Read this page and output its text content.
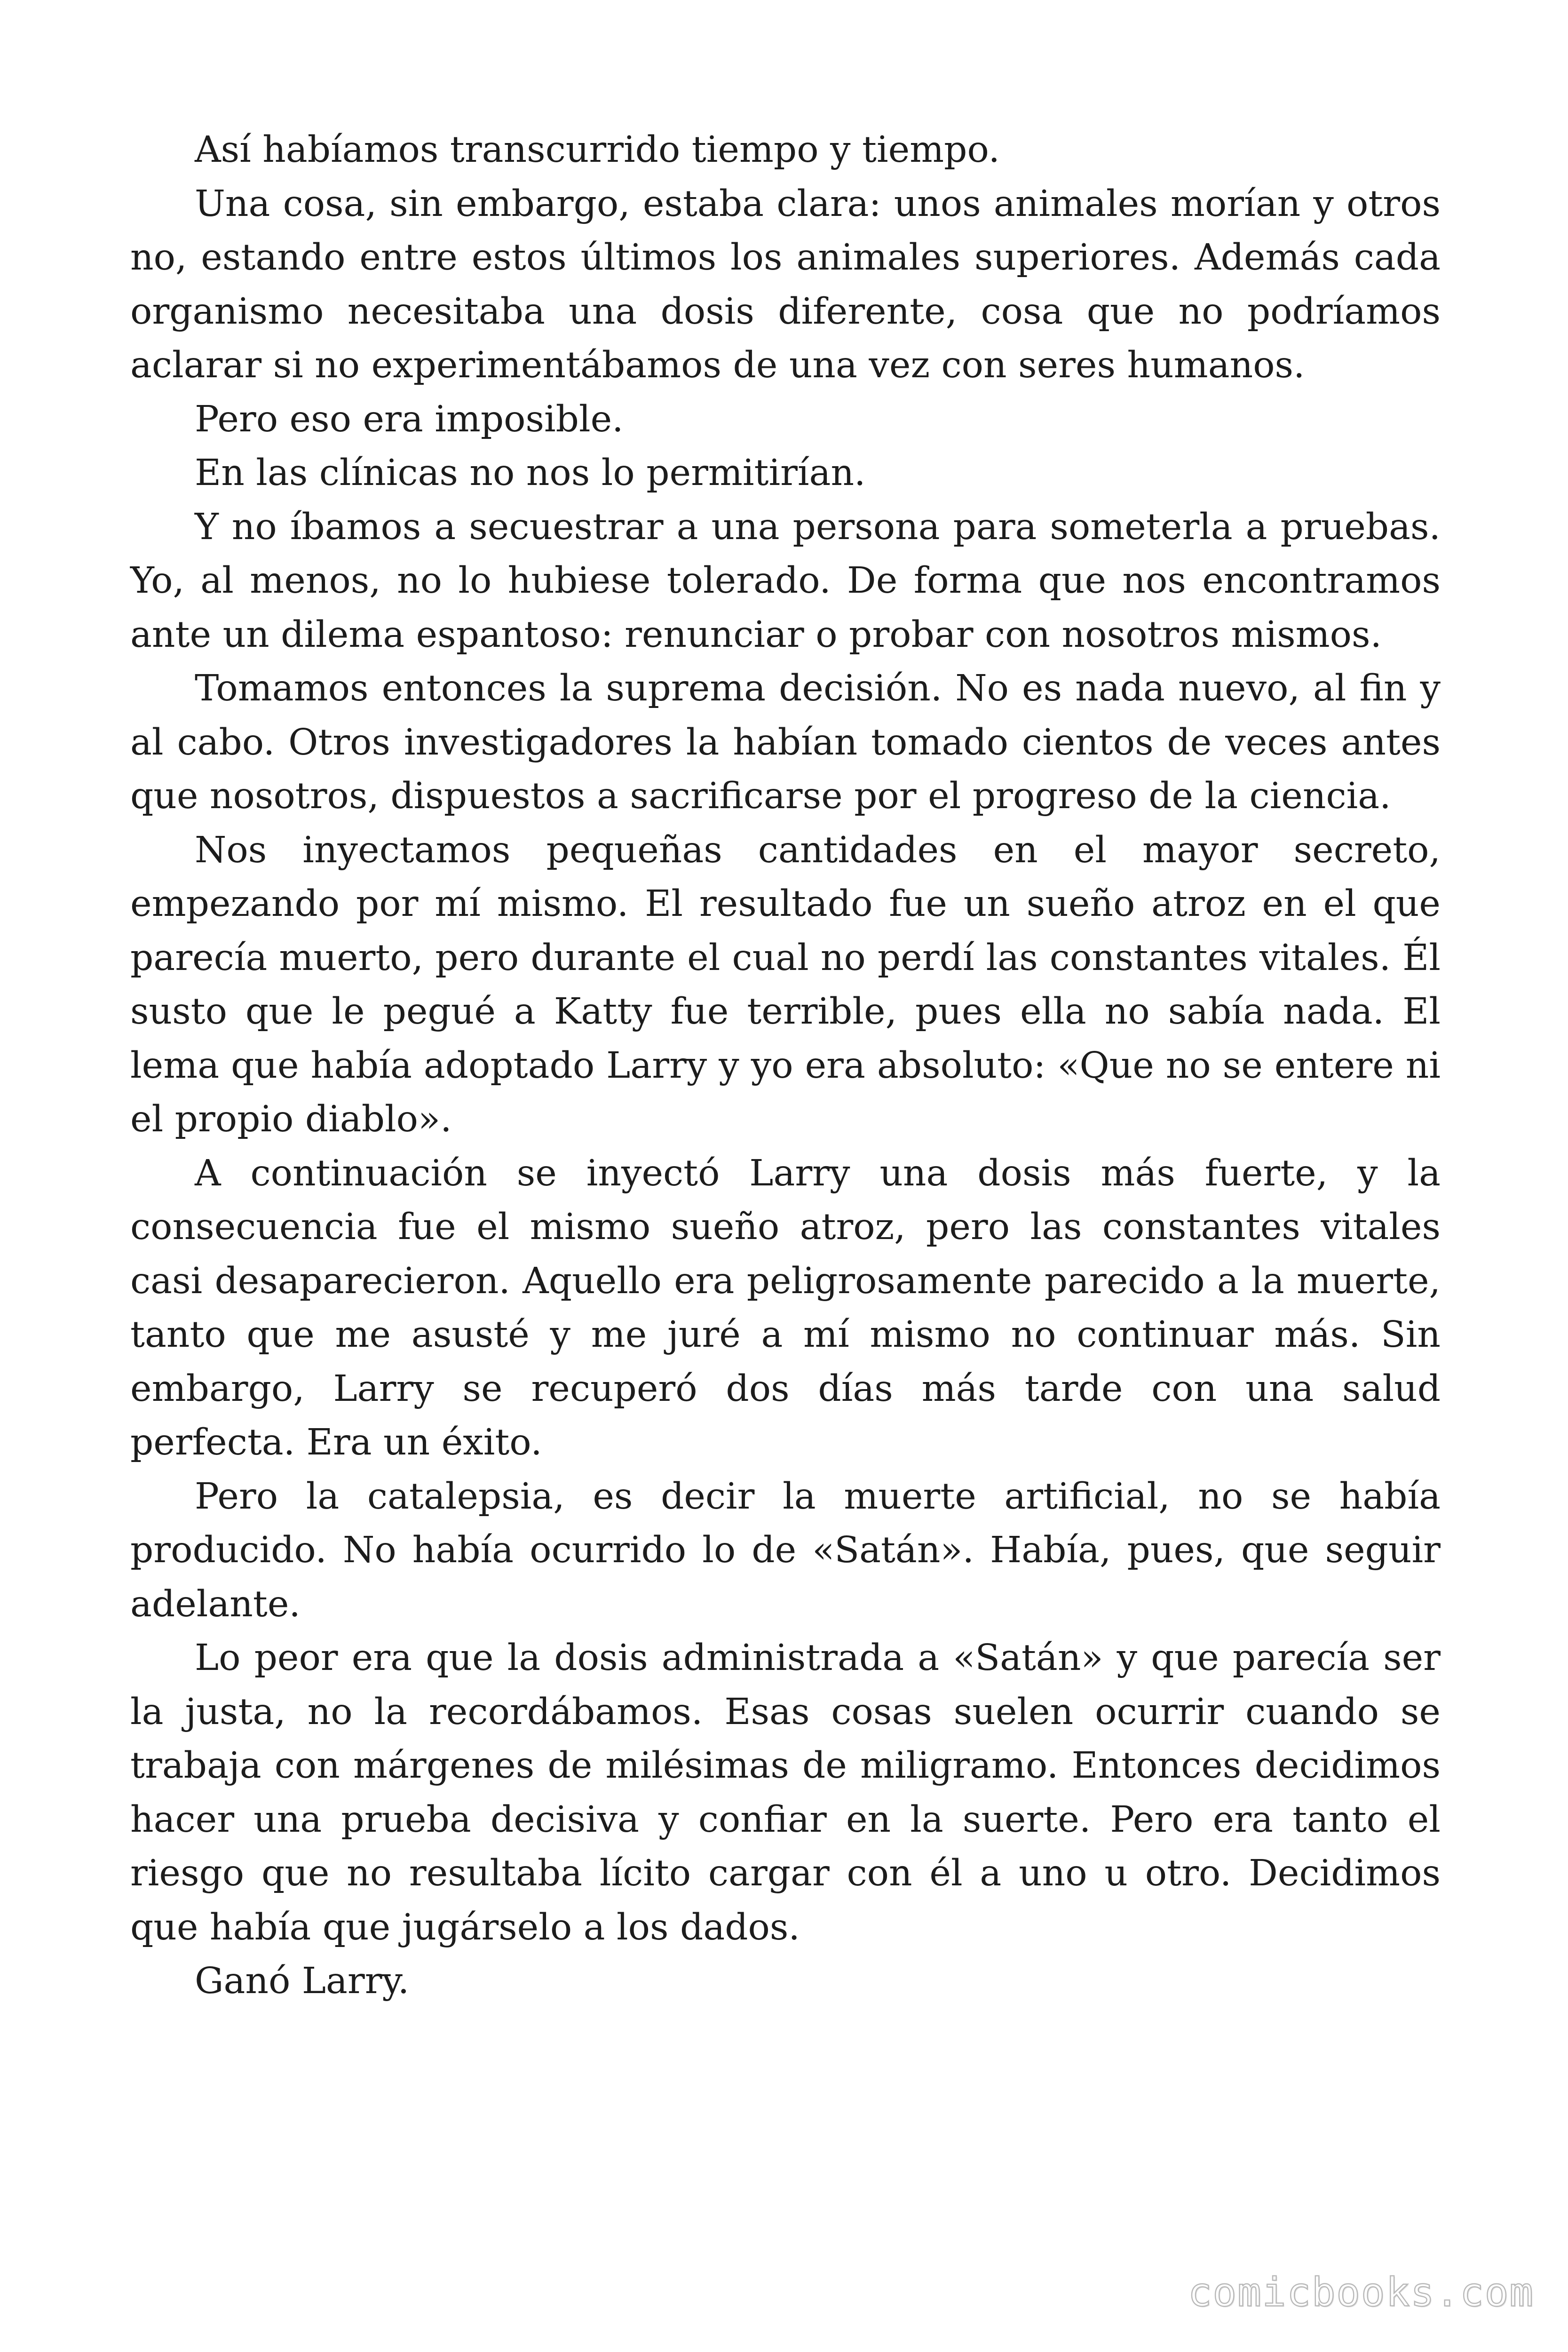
Así habíamos transcurrido tiempo y tiempo.

Una cosa, sin embargo, estaba clara: unos animales morían y otros no, estando entre estos últimos los animales superiores. Además cada organismo necesitaba una dosis diferente, cosa que no podríamos aclarar si no experimentábamos de una vez con seres humanos.

Pero eso era imposible.

En las clínicas no nos lo permitirían.

Y no íbamos a secuestrar a una persona para someterla a pruebas. Yo, al menos, no lo hubiese tolerado. De forma que nos encontramos ante un dilema espantoso: renunciar o probar con nosotros mismos.

Tomamos entonces la suprema decisión. No es nada nuevo, al fin y al cabo. Otros investigadores la habían tomado cientos de veces antes que nosotros, dispuestos a sacrificarse por el progreso de la ciencia.

Nos inyectamos pequeñas cantidades en el mayor secreto, empezando por mí mismo. El resultado fue un sueño atroz en el que parecía muerto, pero durante el cual no perdí las constantes vitales. Él susto que le pegué a Katty fue terrible, pues ella no sabía nada. El lema que había adoptado Larry y yo era absoluto: «Que no se entere ni el propio diablo».

A continuación se inyectó Larry una dosis más fuerte, y la consecuencia fue el mismo sueño atroz, pero las constantes vitales casi desaparecieron. Aquello era peligrosamente parecido a la muerte, tanto que me asusté y me juré a mí mismo no continuar más. Sin embargo, Larry se recuperó dos días más tarde con una salud perfecta. Era un éxito.

Pero la catalepsia, es decir la muerte artificial, no se había producido. No había ocurrido lo de «Satán». Había, pues, que seguir adelante.

Lo peor era que la dosis administrada a «Satán» y que parecía ser la justa, no la recordábamos. Esas cosas suelen ocurrir cuando se trabaja con márgenes de milésimas de miligramo. Entonces decidimos hacer una prueba decisiva y confiar en la suerte. Pero era tanto el riesgo que no resultaba lícito cargar con él a uno u otro. Decidimos que había que jugárselo a los dados.

Ganó Larry.

comicbooks.com
